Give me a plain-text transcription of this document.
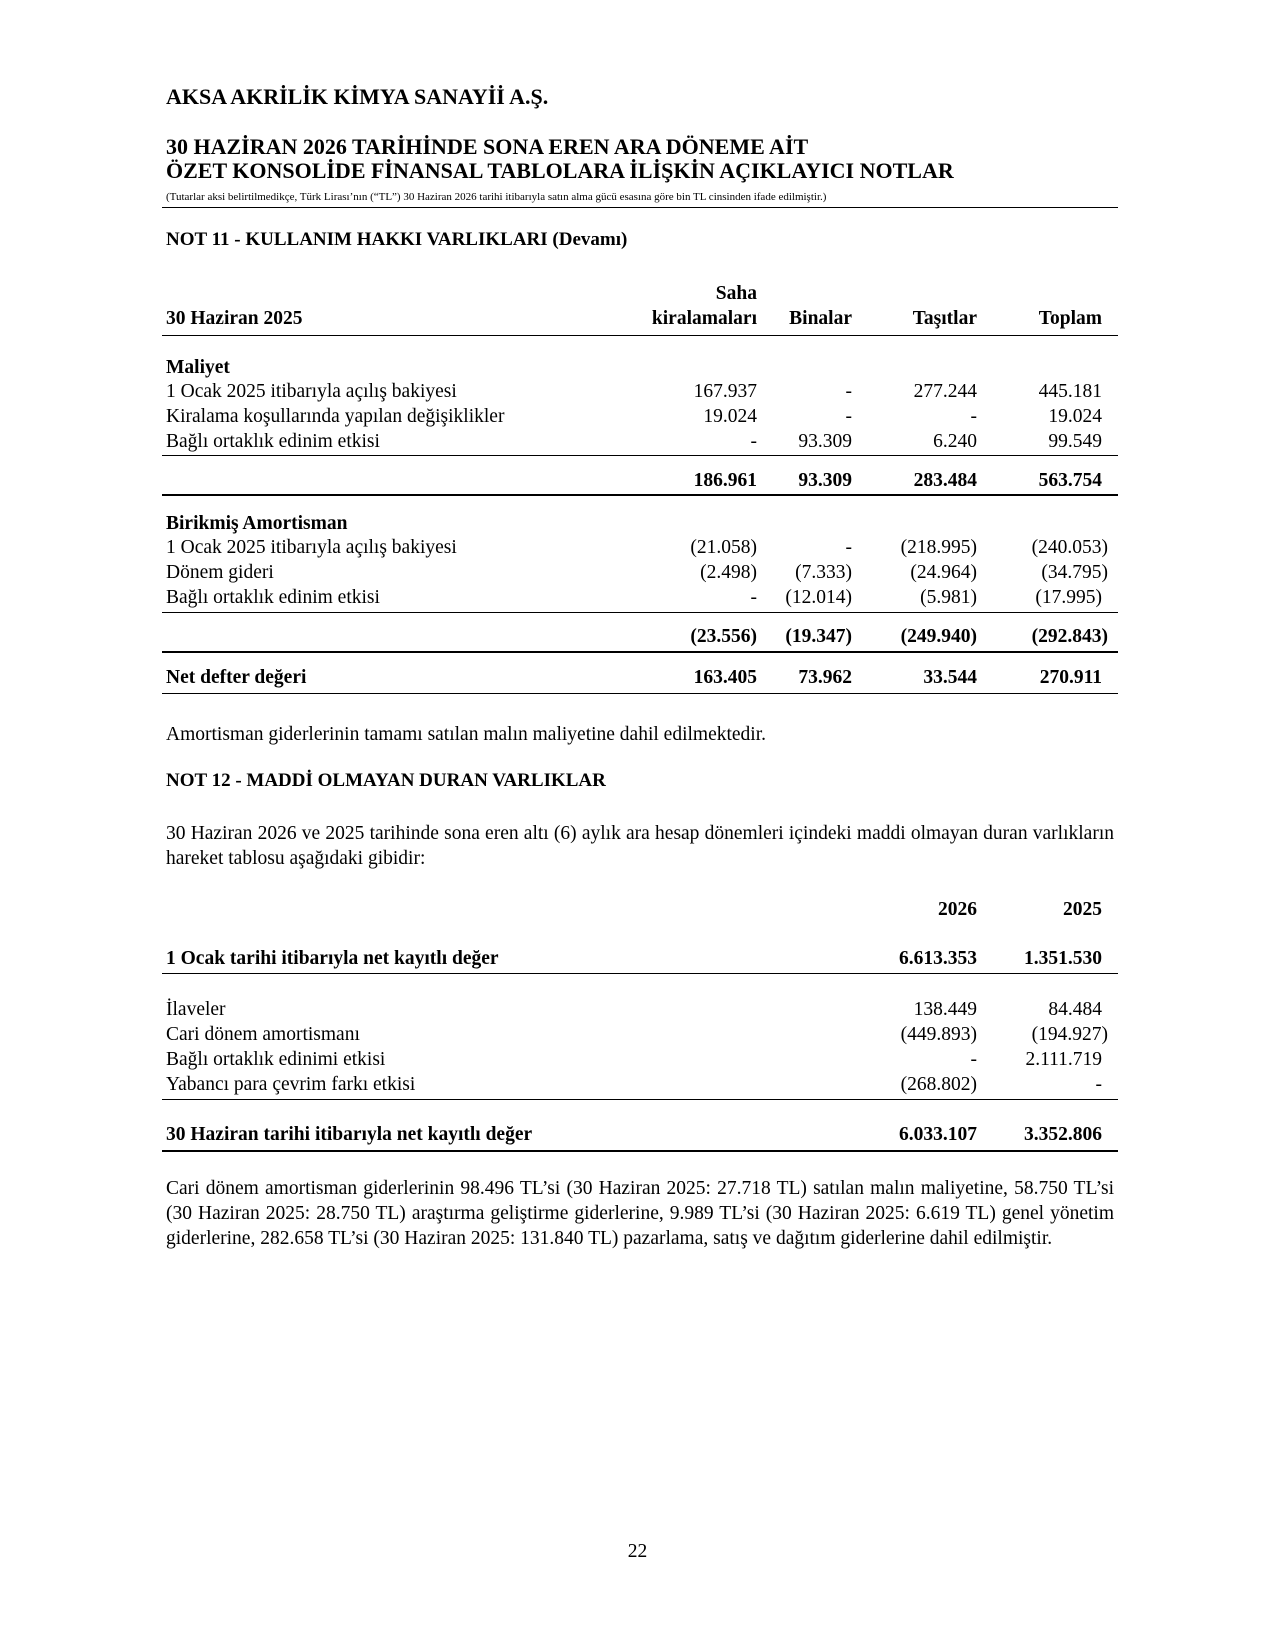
AKSA AKRİLİK KİMYA SANAYİİ A.Ş.
30 HAZİRAN 2026 TARİHİNDE SONA EREN ARA DÖNEME AİT
ÖZET KONSOLİDE FİNANSAL TABLOLARA İLİŞKİN AÇIKLAYICI NOTLAR
(Tutarlar aksi belirtilmedikçe, Türk Lirası’nın (“TL”) 30 Haziran 2026 tarihi itibarıyla satın alma gücü esasına göre bin TL cinsinden ifade edilmiştir.)
NOT 11 - KULLANIM HAKKI VARLIKLARI (Devamı)
Saha
30 Haziran 2025	kiralamaları	Binalar	Taşıtlar	Toplam
Maliyet
1 Ocak 2025 itibarıyla açılış bakiyesi	167.937	-	277.244	445.181
Kiralama koşullarında yapılan değişiklikler	19.024	-	-	19.024
Bağlı ortaklık edinim etkisi	-	93.309	6.240	99.549
186.961	93.309	283.484	563.754
Birikmiş Amortisman
1 Ocak 2025 itibarıyla açılış bakiyesi	(21.058)	-	(218.995)	(240.053)
Dönem gideri	(2.498)	(7.333)	(24.964)	(34.795)
Bağlı ortaklık edinim etkisi	-	(12.014)	(5.981)	(17.995)
(23.556)	(19.347)	(249.940)	(292.843)
Net defter değeri	163.405	73.962	33.544	270.911
Amortisman giderlerinin tamamı satılan malın maliyetine dahil edilmektedir.
NOT 12 - MADDİ OLMAYAN DURAN VARLIKLAR
30 Haziran 2026 ve 2025 tarihinde sona eren altı (6) aylık ara hesap dönemleri içindeki maddi olmayan duran varlıkların hareket tablosu aşağıdaki gibidir:
2026	2025
1 Ocak tarihi itibarıyla net kayıtlı değer	6.613.353	1.351.530
İlaveler	138.449	84.484
Cari dönem amortismanı	(449.893)	(194.927)
Bağlı ortaklık edinimi etkisi	-	2.111.719
Yabancı para çevrim farkı etkisi	(268.802)	-
30 Haziran tarihi itibarıyla net kayıtlı değer	6.033.107	3.352.806
Cari dönem amortisman giderlerinin 98.496 TL’si (30 Haziran 2025: 27.718 TL) satılan malın maliyetine, 58.750 TL’si (30 Haziran 2025: 28.750 TL) araştırma geliştirme giderlerine, 9.989 TL’si (30 Haziran 2025: 6.619 TL) genel yönetim giderlerine, 282.658 TL’si (30 Haziran 2025: 131.840 TL) pazarlama, satış ve dağıtım giderlerine dahil edilmiştir.
22
